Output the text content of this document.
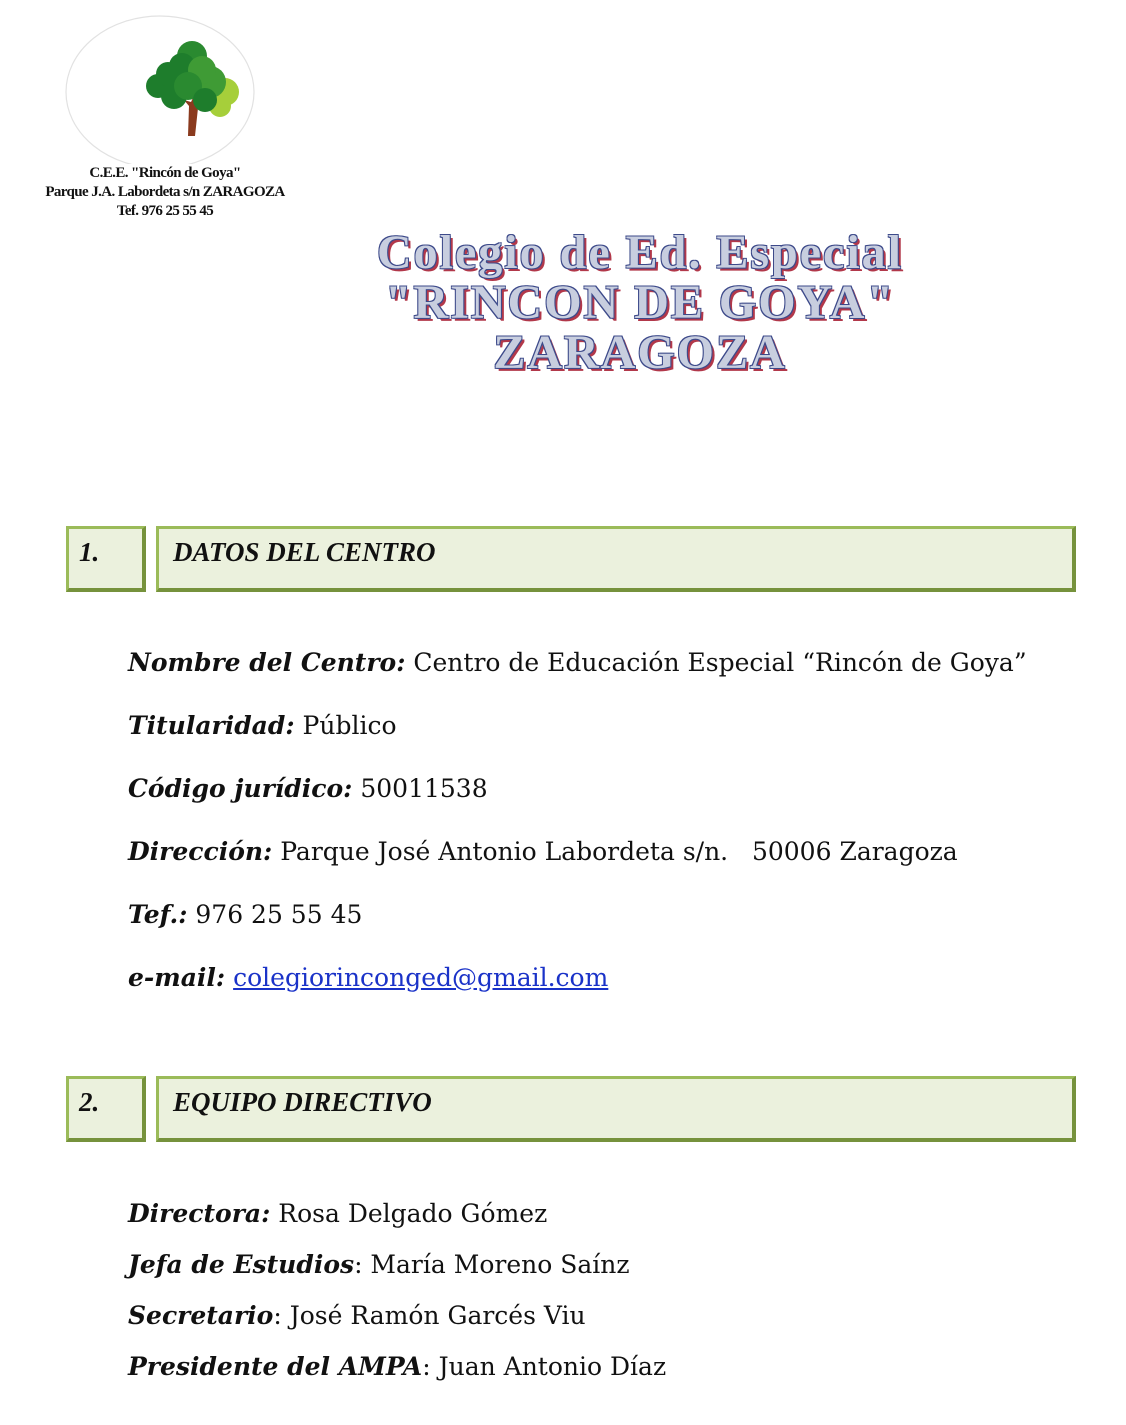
C.E.E. "Rincón de Goya"
Parque J.A. Labordeta s/n ZARAGOZA
Tef. 976 25 55 45
Colegio de Ed. Especial
"RINCON DE GOYA"
ZARAGOZA
1.	DATOS DEL CENTRO
Nombre del Centro: Centro de Educación Especial “Rincón de Goya”
Titularidad: Público
Código jurídico: 50011538
Dirección: Parque José Antonio Labordeta s/n.   50006 Zaragoza
Tef.: 976 25 55 45
e-mail: colegiorinconged@gmail.com
2.	EQUIPO DIRECTIVO
Directora: Rosa Delgado Gómez
Jefa de Estudios: María Moreno Saínz
Secretario: José Ramón Garcés Viu
Presidente del AMPA: Juan Antonio Díaz
